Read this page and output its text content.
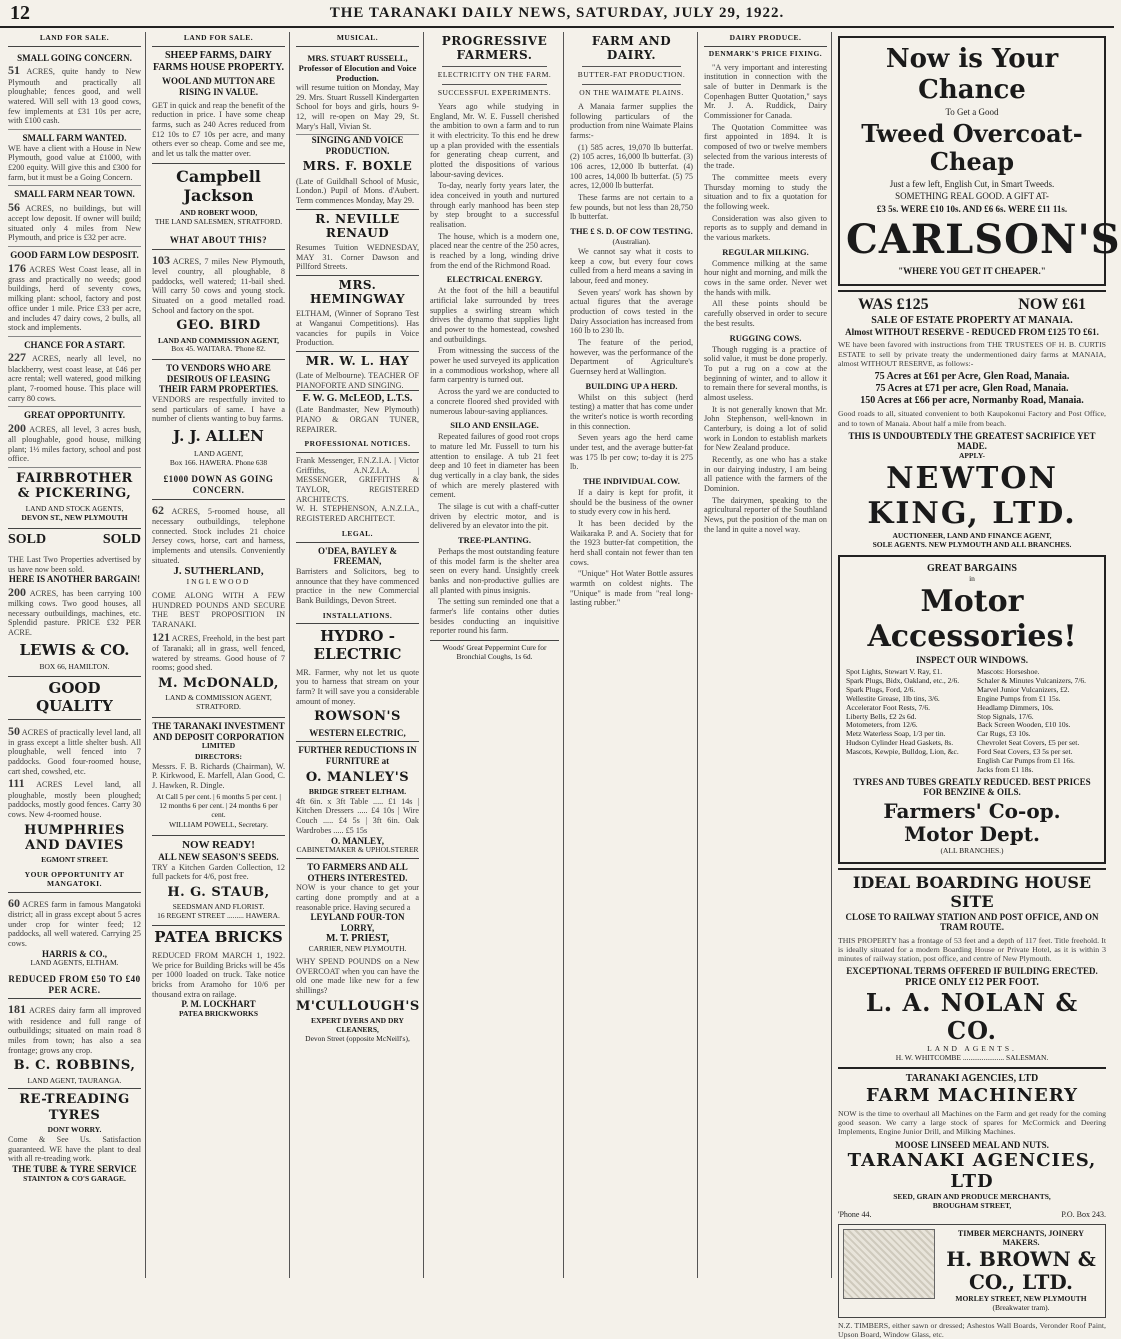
12	THE TARANAKI DAILY NEWS, SATURDAY, JULY 29, 1922.
LAND FOR SALE.
SMALL GOING CONCERN.

51 ACRES, quite handy to New Plymouth and practically all ploughable; fences good, and well watered. Will sell with 13 good cows, few implements at £31 10s per acre, with £100 cash.

SMALL FARM WANTED.

WE have a client with a House in New Plymouth, good value at £1000, with £200 equity. Will give this and £300 for farm, but it must be a Going Concern.

SMALL FARM NEAR TOWN.

56 ACRES, no buildings, but will accept low deposit. If owner will build; situated only 4 miles from New Plymouth, and price is £32 per acre.

GOOD FARM LOW DESPOSIT.

176 ACRES West Coast lease, all in grass and practically no weeds; good buildings, herd of seventy cows, milking plant: school, factory and post office under 1 mile. Price £33 per acre, and includes 47 dairy cows, 2 bulls, all stock and implements.

CHANCE FOR A START.

227 ACRES, nearly all level, no blackberry, west coast lease, at £46 per acre rental; well watered, good milking plant, 7-roomed house. This place will carry 80 cows.

GREAT OPPORTUNITY.

200 ACRES, all level, 3 acres bush, all ploughable, good house, milking plant; 1½ miles factory, school and post office.

FAIRBROTHER & PICKERING,
LAND AND STOCK AGENTS,
DEVON ST., NEW PLYMOUTH
SOLD	SOLD

THE Last Two Properties advertised by us have now been sold.

HERE IS ANOTHER BARGAIN!

200 ACRES, has been carrying 100 milking cows. Two good houses, all necessary outbuildings, machines, etc. Splendid pasture. PRICE £32 PER ACRE.

LEWIS & CO.
BOX 66, HAMILTON.
GOOD QUALITY

50 ACRES of practically level land, all in grass except a little shelter bush. All ploughable, well fenced into 7 paddocks. Good four-roomed house, cart shed, cowshed, etc.

111 ACRES Level land, all ploughable, mostly been ploughed; paddocks, mostly good fences. Carry 30 cows. New 4-roomed house.

HUMPHRIES AND DAVIES
EGMONT STREET.
YOUR OPPORTUNITY AT MANGATOKI.

60 ACRES farm in famous Mangatoki district; all in grass except about 5 acres under crop for winter feed; 12 paddocks, all well watered. Carrying 25 cows.

HARRIS & CO.,
LAND AGENTS, ELTHAM.
REDUCED FROM £50 TO £40 PER ACRE.

181 ACRES dairy farm all improved with residence and full range of outbuildings; situated on main road 8 miles from town; has also a sea frontage; grows any crop.

B. C. ROBBINS,
LAND AGENT, TAURANGA.
RE-TREADING TYRES
DONT WORRY.

Come & See Us. Satisfaction guaranteed. WE have the plant to deal with all re-treading work.

THE TUBE & TYRE SERVICE
STAINTON & CO'S GARAGE.
LAND FOR SALE.
SHEEP FARMS, DAIRY FARMS HOUSE PROPERTY.
WOOL AND MUTTON ARE RISING IN VALUE.

GET in quick and reap the benefit of the reduction in price. I have some cheap farms, such as 240 Acres reduced from £12 10s to £7 10s per acre, and many others ever so cheap. Come and see me, and let us talk the matter over.

Campbell Jackson
AND ROBERT WOOD,
THE LAND SALESMEN, STRATFORD.
WHAT ABOUT THIS?

103 ACRES, 7 miles New Plymouth, level country, all ploughable, 8 paddocks, well watered; 11-bail shed. Will carry 50 cows and young stock. Situated on a good metalled road. School and factory on the spot.

GEO. BIRD
LAND AND COMMISSION AGENT,
Box 45. WAITARA. 'Phone 82.
TO VENDORS WHO ARE DESIROUS OF LEASING THEIR FARM PROPERTIES.

VENDORS are respectfully invited to send particulars of same. I have a number of clients wanting to buy farms.

J. J. ALLEN
LAND AGENT,
Box 166. HAWERA. Phone 638
£1000 DOWN AS GOING CONCERN.

62 ACRES, 5-roomed house, all necessary outbuildings, telephone connected. Stock includes 21 choice Jersey cows, horse, cart and harness, implements and utensils. Conveniently situated.

J. SUTHERLAND,
INGLEWOOD

COME ALONG WITH A FEW HUNDRED POUNDS AND SECURE THE BEST PROPOSITION IN TARANAKI.

121 ACRES, Freehold, in the best part of Taranaki; all in grass, well fenced, watered by streams. Good house of 7 rooms; good shed.

M. McDONALD,
LAND & COMMISSION AGENT, STRATFORD.
THE TARANAKI INVESTMENT AND DEPOSIT CORPORATION
LIMITED
DIRECTORS:

Messrs. F. B. Richards (Chairman), W. P. Kirkwood, E. Marfell, Alan Good, C. J. Hawken, R. Dingle.

At Call 5 per cent. | 6 months 5 per cent. | 12 months 6 per cent. | 24 months 6 per cent.
WILLIAM POWELL, Secretary.
NOW READY!
ALL NEW SEASON'S SEEDS.

TRY a Kitchen Garden Collection, 12 full packets for 4/6, post free.

H. G. STAUB,
SEEDSMAN AND FLORIST.
16 REGENT STREET ......... HAWERA.
PATEA BRICKS

REDUCED FROM MARCH 1, 1922. We price for Building Bricks will be 45s per 1000 loaded on truck. Take notice bricks from Aramoho for 10/6 per thousand extra on railage.

P. M. LOCKHART
PATEA BRICKWORKS
MUSICAL.
MRS. STUART RUSSELL, Professor of Elocution and Voice Production.

will resume tuition on Monday, May 29. Mrs. Stuart Russell Kindergarten School for boys and girls, hours 9-12, will re-open on May 29, St. Mary's Hall, Vivian St.

SINGING AND VOICE PRODUCTION.
MRS. F. BOXLE

(Late of Guildhall School of Music, London.) Pupil of Mons. d'Aubert. Term commences Monday, May 29.

R. NEVILLE RENAUD

Resumes Tuition WEDNESDAY, MAY 31. Corner Dawson and Pillford Streets.

MRS. HEMINGWAY

ELTHAM, (Winner of Soprano Test at Wanganui Competitions). Has vacancies for pupils in Voice Production.

MR. W. L. HAY

(Late of Melbourne). TEACHER OF PIANOFORTE AND SINGING.

F. W. G. McLEOD, L.T.S.

(Late Bandmaster, New Plymouth) PIANO & ORGAN TUNER, REPAIRER.

PROFESSIONAL NOTICES.

Frank Messenger, F.N.Z.I.A. | Victor Griffiths, A.N.Z.I.A. | MESSENGER, GRIFFITHS & TAYLOR, REGISTERED ARCHITECTS.

W. H. STEPHENSON, A.N.Z.I.A., REGISTERED ARCHITECT.

LEGAL.
O'DEA, BAYLEY & FREEMAN,

Barristers and Solicitors, beg to announce that they have commenced practice in the new Commercial Bank Buildings, Devon Street.

INSTALLATIONS.
HYDRO - ELECTRIC

MR. Farmer, why not let us quote you to harness that stream on your farm? It will save you a considerable amount of money.

ROWSON'S
WESTERN ELECTRIC,
FURTHER REDUCTIONS IN FURNITURE at
O. MANLEY'S
BRIDGE STREET ELTHAM.

4ft 6in. x 3ft Table ..... £1 14s | Kitchen Dressers ..... £4 10s | Wire Couch ..... £4 5s | 3ft 6in. Oak Wardrobes ..... £5 15s

O. MANLEY,
CABINETMAKER & UPHOLSTERER
TO FARMERS AND ALL OTHERS INTERESTED.

NOW is your chance to get your carting done promptly and at a reasonable price. Having secured a

LEYLAND FOUR-TON LORRY,
M. T. PRIEST,
CARRIER, NEW PLYMOUTH.

WHY SPEND POUNDS on a New OVERCOAT when you can have the old one made like new for a few shillings?

M'CULLOUGH'S
EXPERT DYERS AND DRY CLEANERS,
Devon Street (opposite McNeill's),
PROGRESSIVE FARMERS.
ELECTRICITY ON THE FARM.
SUCCESSFUL EXPERIMENTS.

Years ago while studying in England, Mr. W. E. Fussell cherished the ambition to own a farm and to run it with electricity. To this end he drew up a plan provided with the essentials for generating cheap current, and plotted the dispositions of various labour-saving devices.

To-day, nearly forty years later, the idea conceived in youth and nurtured through early manhood has been step by step brought to a successful realisation.

The house, which is a modern one, placed near the centre of the 250 acres, is reached by a long, winding drive from the end of the Richmond Road.

ELECTRICAL ENERGY.

At the foot of the hill a beautiful artificial lake surrounded by trees supplies a swirling stream which drives the dynamo that supplies light and power to the homestead, cowshed and outbuildings.

From witnessing the success of the power he used surveyed its application in a commodious workshop, where all farm carpentry is turned out.

Across the yard we are conducted to a concrete floored shed provided with numerous labour-saving appliances.

SILO AND ENSILAGE.

Repeated failures of good root crops to mature led Mr. Fussell to turn his attention to ensilage. A tub 21 feet deep and 10 feet in diameter has been dug vertically in a clay bank, the sides of which are merely plastered with cement.

The silage is cut with a chaff-cutter driven by electric motor, and is delivered by an elevator into the pit.

TREE-PLANTING.

Perhaps the most outstanding feature of this model farm is the shelter area seen on every hand. Unsightly creek banks and non-productive gullies are all planted with pinus insignis.

The setting sun reminded one that a farmer's life contains other duties besides conducting an inquisitive reporter round his farm.

Woods' Great Peppermint Cure for Bronchial Coughs, 1s 6d.
FARM AND DAIRY.
BUTTER-FAT PRODUCTION.
ON THE WAIMATE PLAINS.

A Manaia farmer supplies the following particulars of the production from nine Waimate Plains farms:-

(1) 585 acres, 19,070 lb butterfat. (2) 105 acres, 16,000 lb butterfat. (3) 106 acres, 12,000 lb butterfat. (4) 100 acres, 14,000 lb butterfat. (5) 75 acres, 12,000 lb butterfat.

These farms are not certain to a few pounds, but not less than 28,750 lb butterfat.

THE £ S. D. OF COW TESTING.
(Australian).

We cannot say what it costs to keep a cow, but every four cows culled from a herd means a saving in labour, feed and money.

Seven years' work has shown by actual figures that the average production of cows tested in the Dairy Association has increased from 160 lb to 230 lb.

The feature of the period, however, was the performance of the Department of Agriculture's Guernsey herd at Wallington.

BUILDING UP A HERD.

Whilst on this subject (herd testing) a matter that has come under the writer's notice is worth recording in this connection.

Seven years ago the herd came under test, and the average butter-fat was 175 lb per cow; to-day it is 275 lb.

THE INDIVIDUAL COW.

If a dairy is kept for profit, it should be the business of the owner to study every cow in his herd.

It has been decided by the Waikaraka P. and A. Society that for the 1923 butter-fat competition, the herd shall contain not fewer than ten cows.

"Unique" Hot Water Bottle assures warmth on coldest nights. The "Unique" is made from "real long-lasting rubber."

DAIRY PRODUCE.
DENMARK'S PRICE FIXING.

"A very important and interesting institution in connection with the sale of butter in Denmark is the Copenhagen Butter Quotation," says Mr. J. A. Ruddick, Dairy Commissioner for Canada.

The Quotation Committee was first appointed in 1894. It is composed of two or twelve members selected from the various interests of the trade.

The committee meets every Thursday morning to study the situation and to fix a quotation for the following week.

Consideration was also given to reports as to supply and demand in the various markets.

REGULAR MILKING.

Commence milking at the same hour night and morning, and milk the cows in the same order. Never wet the hands with milk.

All these points should be carefully observed in order to secure the best results.

RUGGING COWS.

Though rugging is a practice of solid value, it must be done properly. To put a rug on a cow at the beginning of winter, and to allow it to remain there for several months, is almost useless.

It is not generally known that Mr. John Stephenson, well-known in Canterbury, is doing a lot of solid work in London to establish markets for New Zealand produce.

Recently, as one who has a stake in our dairying industry, I am being all patience with the farmers of the Dominion.

The dairymen, speaking to the agricultural reporter of the Southland News, put the position of the man on the land in quite a novel way.

Now is Your Chance
To Get a Good
Tweed Overcoat-Cheap
Just a few left, English Cut, in Smart Tweeds.
SOMETHING REAL GOOD. A GIFT AT-
£3 5s. WERE £10 10s. AND £6 6s. WERE £11 11s.
CARLSON'S
"WHERE YOU GET IT CHEAPER."
WAS £125	NOW £61
SALE OF ESTATE PROPERTY AT MANAIA.
Almost WITHOUT RESERVE - REDUCED FROM £125 TO £61.

WE have been favored with instructions from THE TRUSTEES OF H. B. CURTIS ESTATE to sell by private treaty the undermentioned dairy farms at MANAIA, almost WITHOUT RESERVE, as follows:-

75 Acres at £61 per Acre, Glen Road, Manaia.
75 Acres at £71 per acre, Glen Road, Manaia.
150 Acres at £66 per acre, Normanby Road, Manaia.

Good roads to all, situated convenient to both Kaupokonui Factory and Post Office, and to town of Manaia. About half a mile from beach.

THIS IS UNDOUBTEDLY THE GREATEST SACRIFICE YET MADE.
APPLY-
NEWTON KING, LTD.
AUCTIONEER, LAND AND FINANCE AGENT,
SOLE AGENTS. NEW PLYMOUTH AND ALL BRANCHES.
GREAT BARGAINS
in
Motor Accessories!
INSPECT OUR WINDOWS.
Spot Lights, Stewart V. Ray, £1.
Spark Plugs, Bidx, Oakland, etc., 2/6.
Spark Plugs, Ford, 2/6.
Wellestite Grease, 1lb tins, 3/6.
Accelerator Foot Rests, 7/6.
Liberty Bells, £2 2s 6d.
Motometers, from 12/6.
Metz Waterless Soap, 1/3 per tin.
Hudson Cylinder Head Gaskets, 8s.
Mascots, Kewpie, Bulldog, Lion, &c.
Mascots: Horseshoe.
Schaler & Minutes Vulcanizers, 7/6.
Marvel Junior Vulcanizers, £2.
Engine Pumps from £1 15s.
Headlamp Dimmers, 10s.
Stop Signals, 17/6.
Back Screen Wooden, £10 10s.
Car Rugs, £3 10s.
Chevrolet Seat Covers, £5 per set.
Ford Seat Covers, £3 5s per set.
English Car Pumps from £1 16s.
Jacks from £1 18s.
TYRES AND TUBES GREATLY REDUCED. BEST PRICES FOR BENZINE & OILS.
Farmers' Co-op. Motor Dept.
(ALL BRANCHES.)
IDEAL BOARDING HOUSE SITE
CLOSE TO RAILWAY STATION AND POST OFFICE, AND ON TRAM ROUTE.

THIS PROPERTY has a frontage of 53 feet and a depth of 117 feet. Title freehold. It is ideally situated for a modern Boarding House or Private Hotel, as it is within 3 minutes of railway station, post office, and centre of New Plymouth.

EXCEPTIONAL TERMS OFFERED IF BUILDING ERECTED.
PRICE ONLY £12 PER FOOT.
L. A. NOLAN & CO.
LAND AGENTS.
H. W. WHITCOMBE ...................... SALESMAN.
TARANAKI AGENCIES, LTD
FARM MACHINERY

NOW is the time to overhaul all Machines on the Farm and get ready for the coming good season. We carry a large stock of spares for McCormick and Deering Implements, Engine Junior Drill, and Milking Machines.

MOOSE LINSEED MEAL AND NUTS.
TARANAKI AGENCIES, LTD
SEED, GRAIN AND PRODUCE MERCHANTS,
BROUGHAM STREET,
'Phone 44.	P.O. Box 243.
TIMBER MERCHANTS, JOINERY MAKERS.
H. BROWN & CO., LTD.
MORLEY STREET, NEW PLYMOUTH
(Breakwater tram).

N.Z. TIMBERS, either sawn or dressed; Ashestos Wall Boards, Veronder Roof Paint, Upson Board, Window Glass, etc.
